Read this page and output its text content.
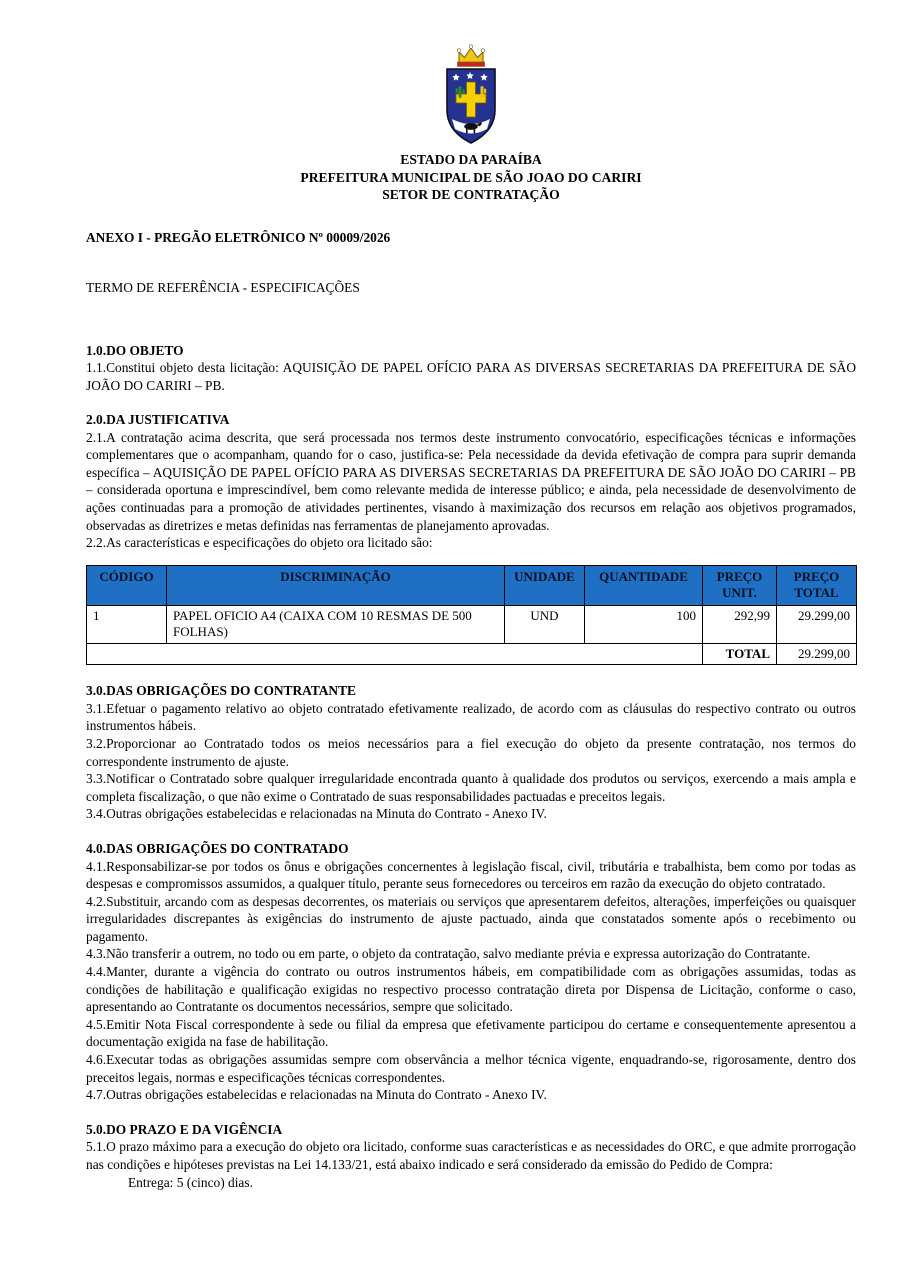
ESTADO DA PARAÍBA
PREFEITURA MUNICIPAL DE SÃO JOAO DO CARIRI
SETOR DE CONTRATAÇÃO
ANEXO I - PREGÃO ELETRÔNICO Nº 00009/2026
TERMO DE REFERÊNCIA - ESPECIFICAÇÕES
1.0.DO OBJETO

1.1.Constitui objeto desta licitação: AQUISIÇÃO DE PAPEL OFÍCIO PARA AS DIVERSAS SECRETARIAS DA PREFEITURA DE SÃO JOÃO DO CARIRI – PB.

2.0.DA JUSTIFICATIVA

2.1.A contratação acima descrita, que será processada nos termos deste instrumento convocatório, especificações técnicas e informações complementares que o acompanham, quando for o caso, justifica-se: Pela necessidade da devida efetivação de compra para suprir demanda específica – AQUISIÇÃO DE PAPEL OFÍCIO PARA AS DIVERSAS SECRETARIAS DA PREFEITURA DE SÃO JOÃO DO CARIRI – PB – considerada oportuna e imprescindível, bem como relevante medida de interesse público; e ainda, pela necessidade de desenvolvimento de ações continuadas para a promoção de atividades pertinentes, visando à maximização dos recursos em relação aos objetivos programados, observadas as diretrizes e metas definidas nas ferramentas de planejamento aprovadas.

2.2.As características e especificações do objeto ora licitado são:

CÓDIGO	DISCRIMINAÇÃO	UNIDADE	QUANTIDADE	PREÇO UNIT.	PREÇO TOTAL
1	PAPEL OFICIO A4 (CAIXA COM 10 RESMAS DE 500 FOLHAS)	UND	100	292,99	29.299,00
				TOTAL	29.299,00
3.0.DAS OBRIGAÇÕES DO CONTRATANTE

3.1.Efetuar o pagamento relativo ao objeto contratado efetivamente realizado, de acordo com as cláusulas do respectivo contrato ou outros instrumentos hábeis.

3.2.Proporcionar ao Contratado todos os meios necessários para a fiel execução do objeto da presente contratação, nos termos do correspondente instrumento de ajuste.

3.3.Notificar o Contratado sobre qualquer irregularidade encontrada quanto à qualidade dos produtos ou serviços, exercendo a mais ampla e completa fiscalização, o que não exime o Contratado de suas responsabilidades pactuadas e preceitos legais.

3.4.Outras obrigações estabelecidas e relacionadas na Minuta do Contrato - Anexo IV.

4.0.DAS OBRIGAÇÕES DO CONTRATADO

4.1.Responsabilizar-se por todos os ônus e obrigações concernentes à legislação fiscal, civil, tributária e trabalhista, bem como por todas as despesas e compromissos assumidos, a qualquer título, perante seus fornecedores ou terceiros em razão da execução do objeto contratado.

4.2.Substituir, arcando com as despesas decorrentes, os materiais ou serviços que apresentarem defeitos, alterações, imperfeições ou quaisquer irregularidades discrepantes às exigências do instrumento de ajuste pactuado, ainda que constatados somente após o recebimento ou pagamento.

4.3.Não transferir a outrem, no todo ou em parte, o objeto da contratação, salvo mediante prévia e expressa autorização do Contratante.

4.4.Manter, durante a vigência do contrato ou outros instrumentos hábeis, em compatibilidade com as obrigações assumidas, todas as condições de habilitação e qualificação exigidas no respectivo processo contratação direta por Dispensa de Licitação, conforme o caso, apresentando ao Contratante os documentos necessários, sempre que solicitado.

4.5.Emitir Nota Fiscal correspondente à sede ou filial da empresa que efetivamente participou do certame e consequentemente apresentou a documentação exigida na fase de habilitação.

4.6.Executar todas as obrigações assumidas sempre com observância a melhor técnica vigente, enquadrando-se, rigorosamente, dentro dos preceitos legais, normas e especificações técnicas correspondentes.

4.7.Outras obrigações estabelecidas e relacionadas na Minuta do Contrato - Anexo IV.

5.0.DO PRAZO E DA VIGÊNCIA

5.1.O prazo máximo para a execução do objeto ora licitado, conforme suas características e as necessidades do ORC, e que admite prorrogação nas condições e hipóteses previstas na Lei 14.133/21, está abaixo indicado e será considerado da emissão do Pedido de Compra:

Entrega: 5 (cinco) dias.
